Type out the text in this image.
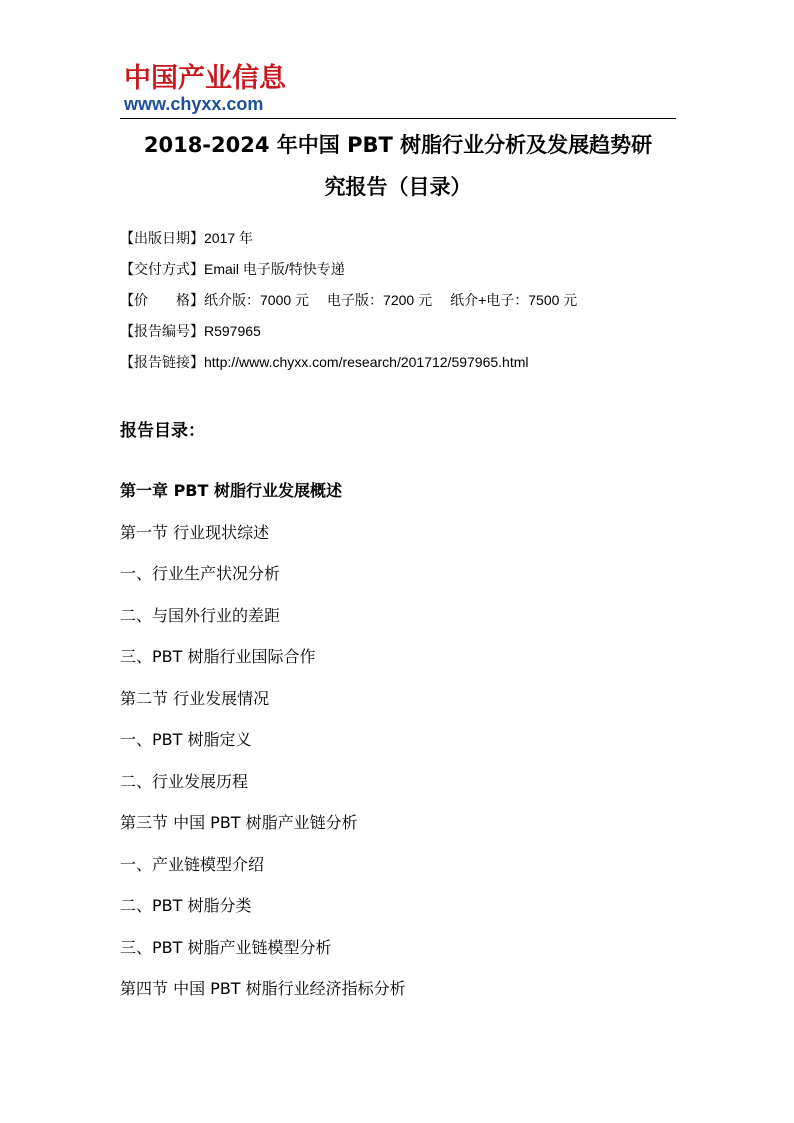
中国产业信息
www.chyxx.com
2018-2024 年中国 PBT 树脂行业分析及发展趋势研
究报告（目录）
【出版日期】2017 年
【交付方式】Email 电子版/特快专递
【价　　格】纸介版：7000 元 电子版：7200 元 纸介+电子：7500 元
【报告编号】R597965
【报告链接】http://www.chyxx.com/research/201712/597965.html
报告目录：
第一章 PBT 树脂行业发展概述
第一节 行业现状综述
一、行业生产状况分析
二、与国外行业的差距
三、PBT 树脂行业国际合作
第二节 行业发展情况
一、PBT 树脂定义
二、行业发展历程
第三节 中国 PBT 树脂产业链分析
一、产业链模型介绍
二、PBT 树脂分类
三、PBT 树脂产业链模型分析
第四节 中国 PBT 树脂行业经济指标分析
